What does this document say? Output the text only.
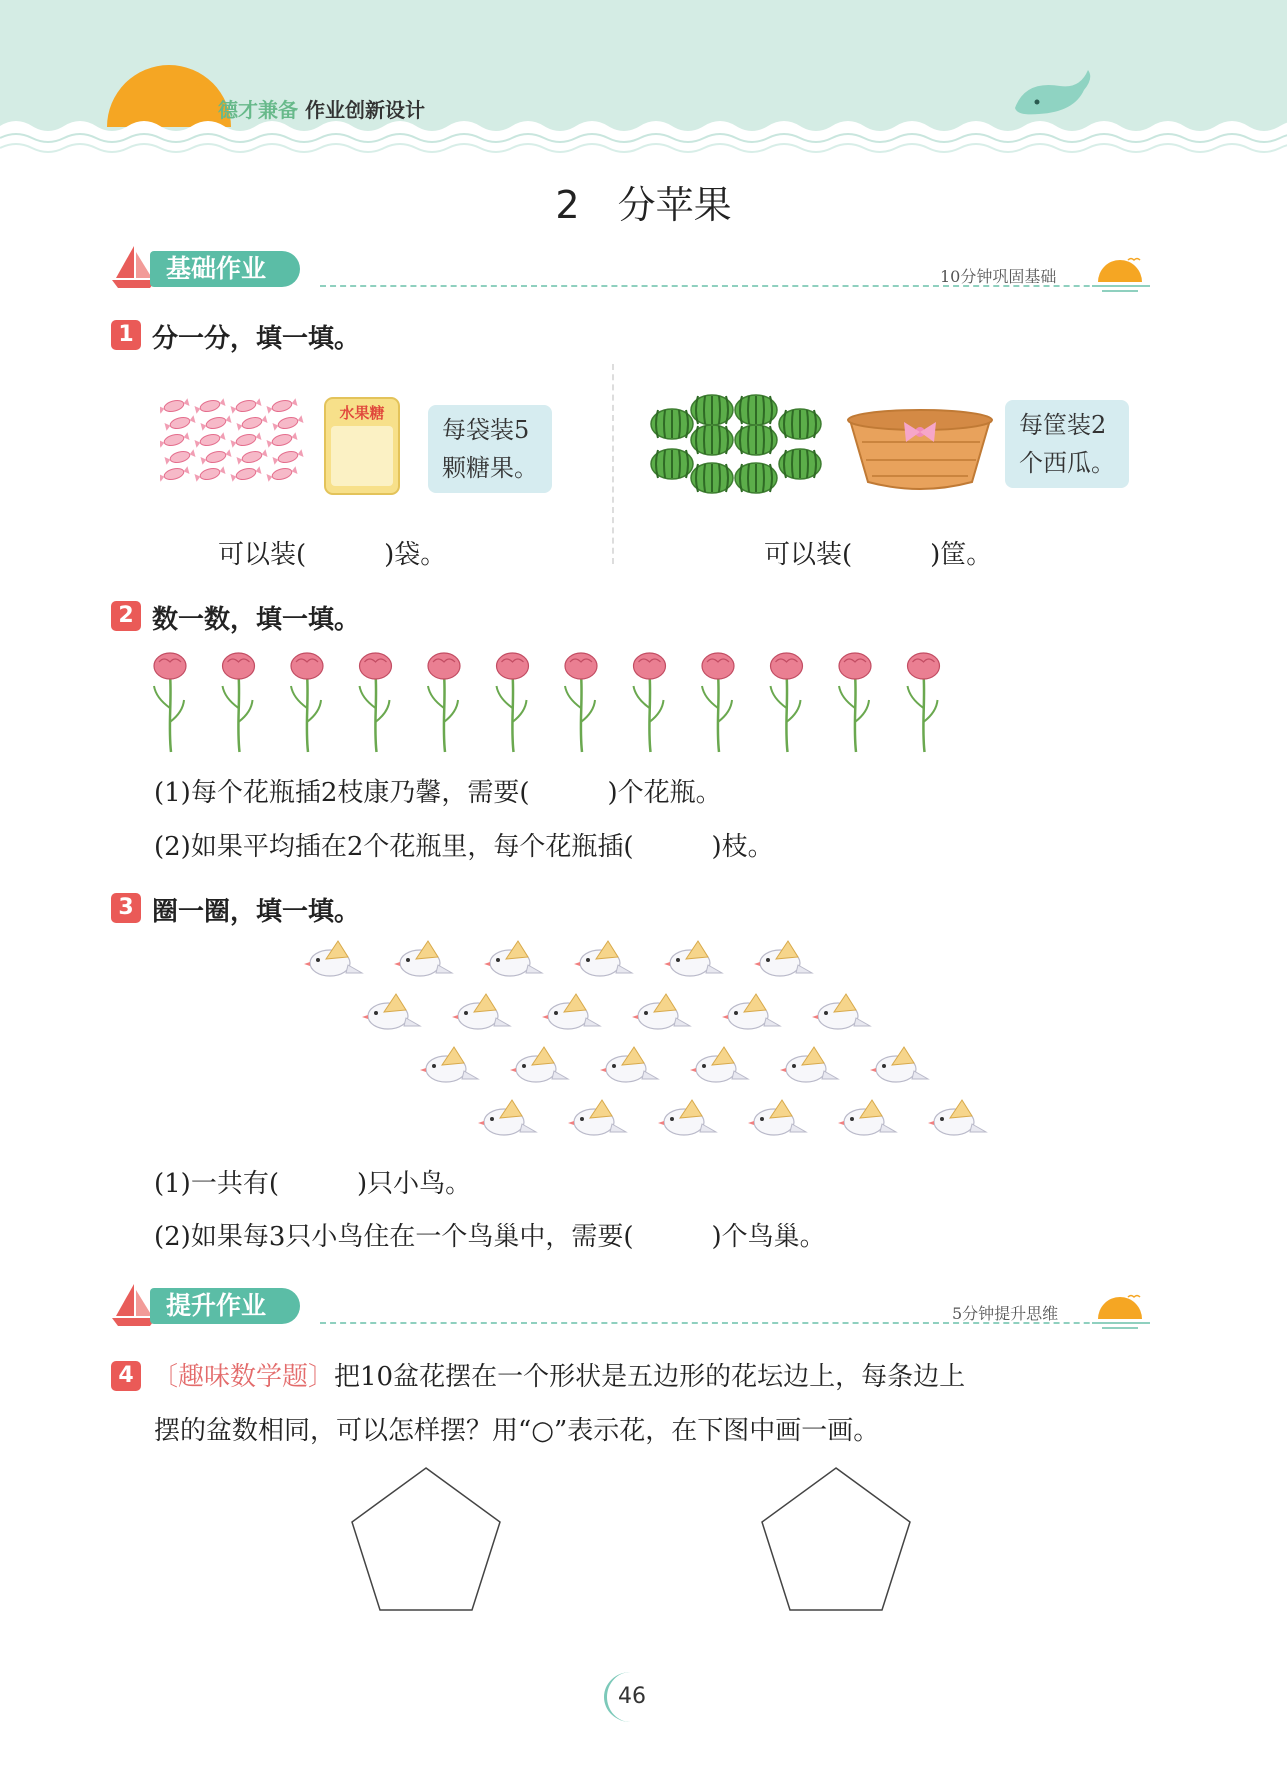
德才兼备 作业创新设计
2　分苹果
基础作业	10分钟巩固基础
1 分一分，填一填。
水果糖
每袋装5
颗糖果。
可以装(　　　)袋。
每筐装2
个西瓜。
可以装(　　　)筐。
2 数一数，填一填。
(1)每个花瓶插2枝康乃馨，需要(　　　)个花瓶。
(2)如果平均插在2个花瓶里，每个花瓶插(　　　)枝。
3 圈一圈，填一填。
(1)一共有(　　　)只小鸟。
(2)如果每3只小鸟住在一个鸟巢中，需要(　　　)个鸟巢。
提升作业	5分钟提升思维
4 〔趣味数学题〕把10盆花摆在一个形状是五边形的花坛边上，每条边上
摆的盆数相同，可以怎样摆？用“○”表示花，在下图中画一画。
46
